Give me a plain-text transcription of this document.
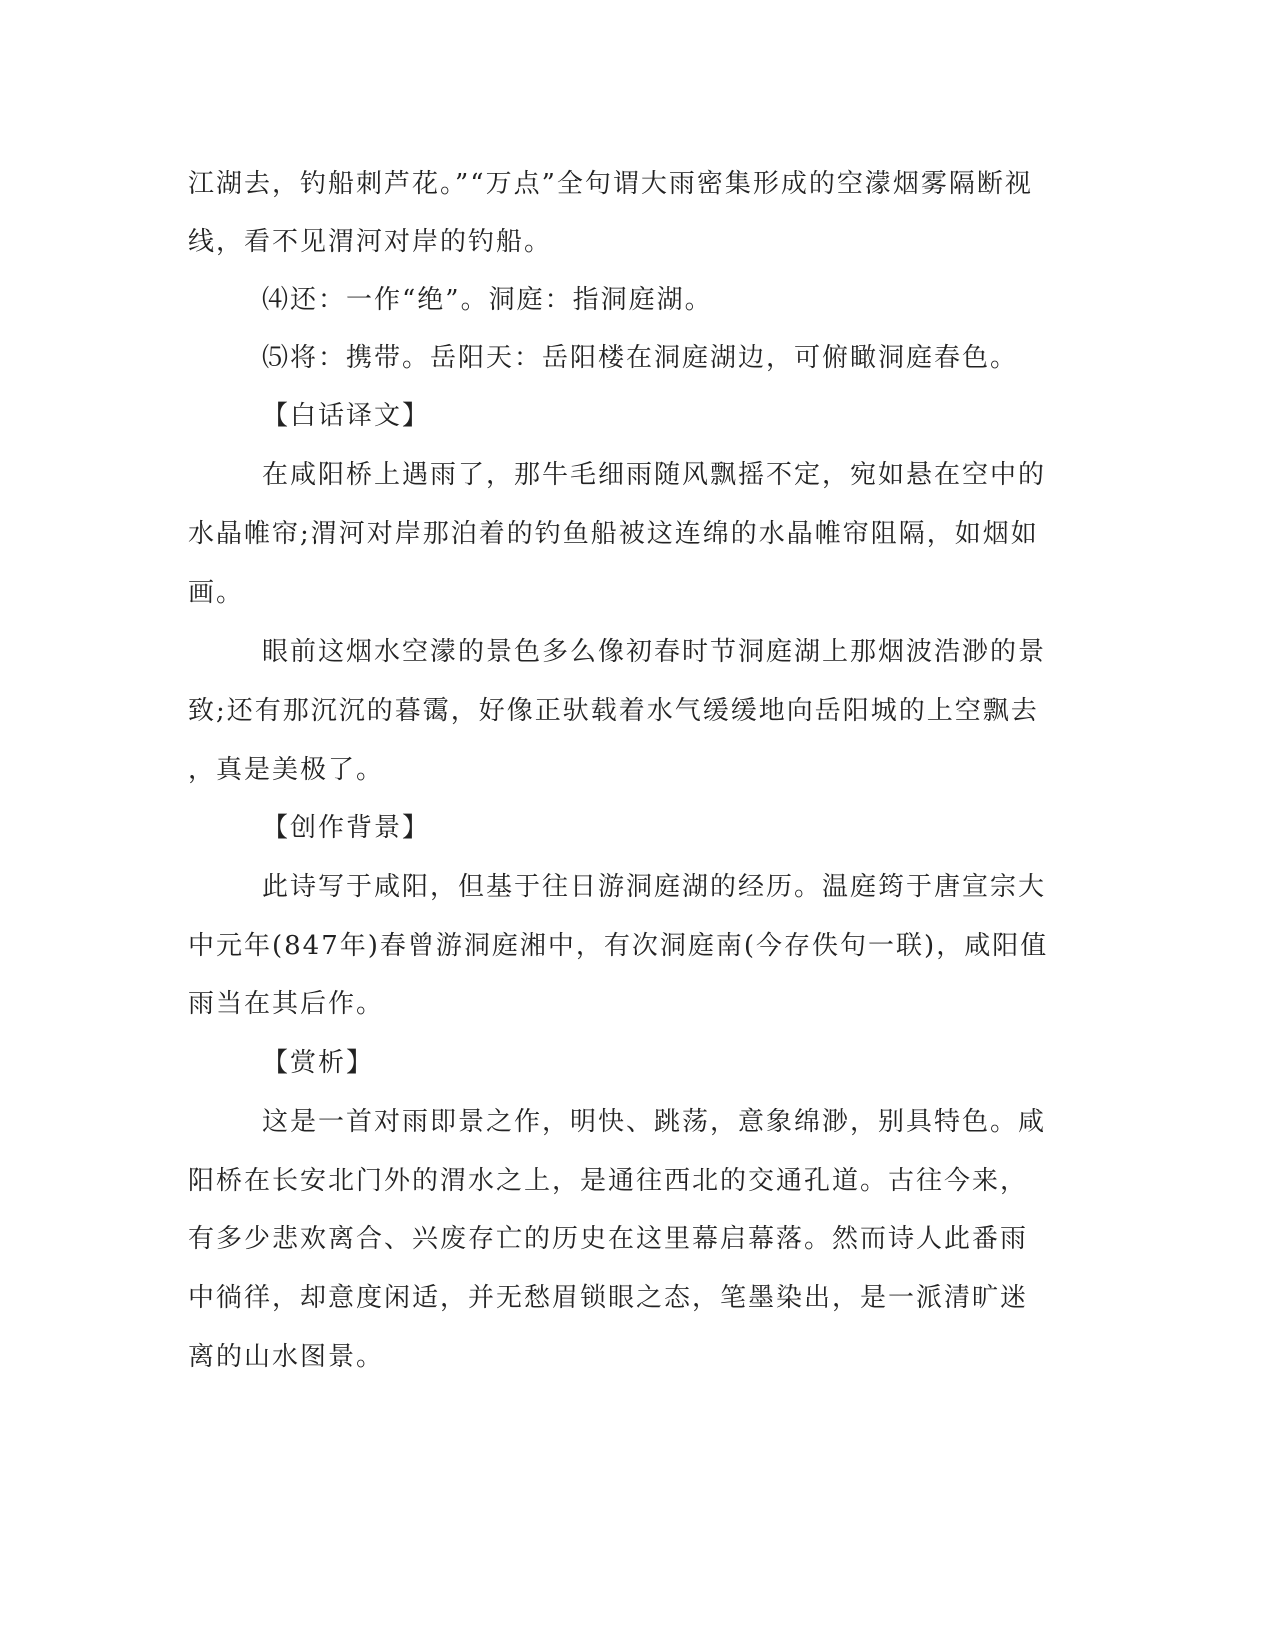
江湖去，钓船刺芦花。”“万点”全句谓大雨密集形成的空濛烟雾隔断视
线，看不见渭河对岸的钓船。
⑷还：一作“绝”。洞庭：指洞庭湖。
⑸将：携带。岳阳天：岳阳楼在洞庭湖边，可俯瞰洞庭春色。
【白话译文】
在咸阳桥上遇雨了，那牛毛细雨随风飘摇不定，宛如悬在空中的
水晶帷帘;渭河对岸那泊着的钓鱼船被这连绵的水晶帷帘阻隔，如烟如
画。
眼前这烟水空濛的景色多么像初春时节洞庭湖上那烟波浩渺的景
致;还有那沉沉的暮霭，好像正驮载着水气缓缓地向岳阳城的上空飘去
，真是美极了。
【创作背景】
此诗写于咸阳，但基于往日游洞庭湖的经历。温庭筠于唐宣宗大
中元年(847年)春曾游洞庭湘中，有次洞庭南(今存佚句一联)，咸阳值
雨当在其后作。
【赏析】
这是一首对雨即景之作，明快、跳荡，意象绵渺，别具特色。咸
阳桥在长安北门外的渭水之上，是通往西北的交通孔道。古往今来，
有多少悲欢离合、兴废存亡的历史在这里幕启幕落。然而诗人此番雨
中徜徉，却意度闲适，并无愁眉锁眼之态，笔墨染出，是一派清旷迷
离的山水图景。
